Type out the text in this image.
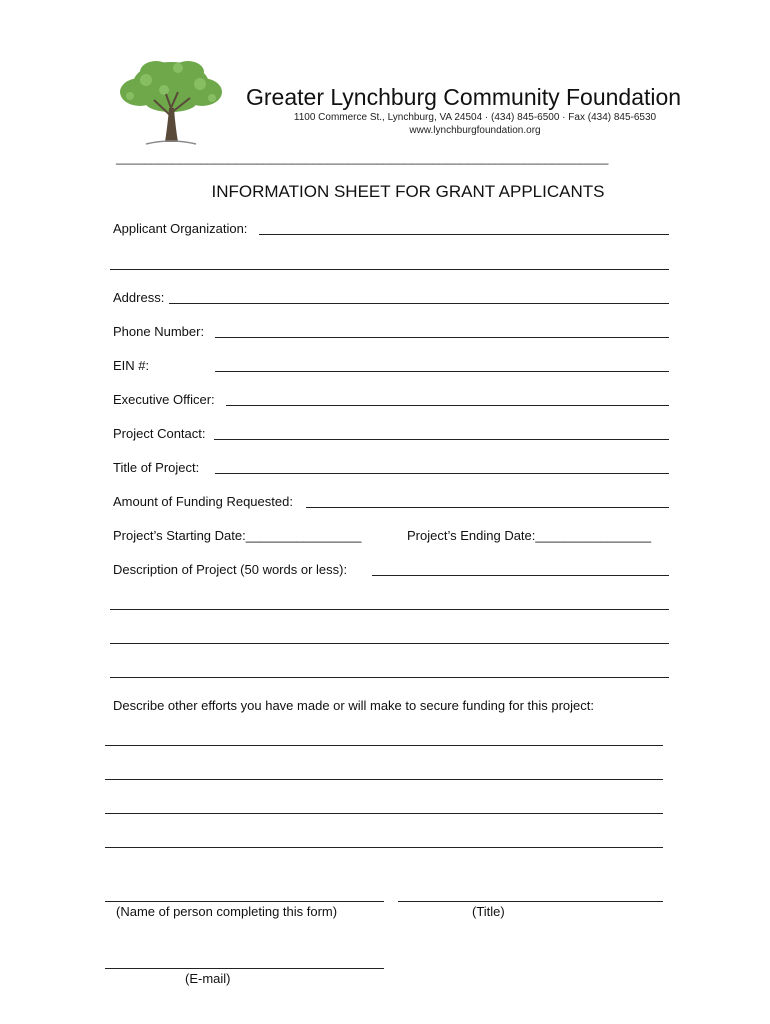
Greater Lynchburg Community Foundation
1100 Commerce St., Lynchburg, VA 24504 · (434) 845-6500 · Fax (434) 845-6530
www.lynchburgfoundation.org
______________________________________________________________________
INFORMATION SHEET FOR GRANT APPLICANTS
Applicant Organization:
Address:
Phone Number:
EIN #:
Executive Officer:
Project Contact:
Title of Project:
Amount of Funding Requested:
Project’s Starting Date:________________	Project’s Ending Date:________________
Description of Project (50 words or less):
Describe other efforts you have made or will make to secure funding for this project:
(Name of person completing this form)	(Title)
(E-mail)
